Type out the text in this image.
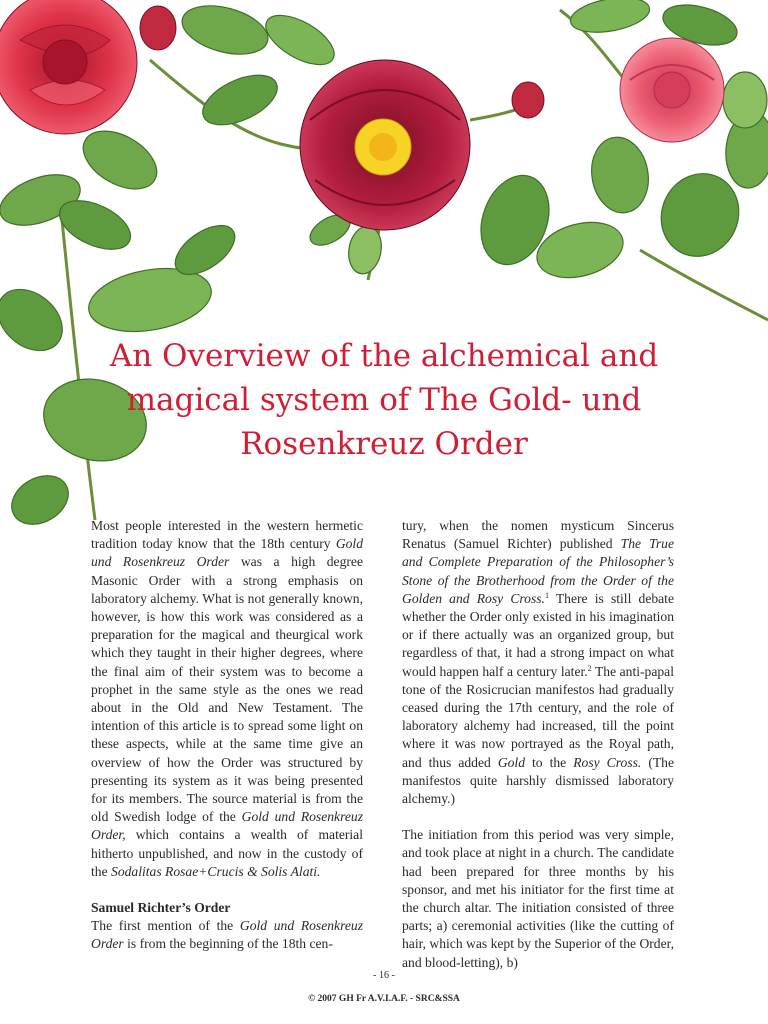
An Overview of the alchemical and
magical system of The Gold- und
Rosenkreuz Order

Most people interested in the western hermetic tradition today know that the 18th century Gold und Rosenkreuz Order was a high degree Masonic Order with a strong emphasis on laboratory alchemy. What is not generally known, however, is how this work was considered as a preparation for the magical and theurgical work which they taught in their higher degrees, where the final aim of their system was to become a prophet in the same style as the ones we read about in the Old and New Testament. The intention of this article is to spread some light on these aspects, while at the same time give an overview of how the Order was structured by presenting its system as it was being presented for its members. The source material is from the old Swedish lodge of the Gold und Rosenkreuz Order, which contains a wealth of material hitherto unpublished, and now in the custody of the Sodalitas Rosae+Crucis & Solis Alati.

Samuel Richter’s Order

The first mention of the Gold und Rosenkreuz Order is from the beginning of the 18th cen-

tury, when the nomen mysticum Sincerus Renatus (Samuel Richter) published The True and Complete Preparation of the Philosopher’s Stone of the Brotherhood from the Order of the Golden and Rosy Cross.$^1$ There is still debate whether the Order only existed in his imagination or if there actually was an organized group, but regardless of that, it had a strong impact on what would happen half a century later.$^2$ The anti-papal tone of the Rosicrucian manifestos had gradually ceased during the 17th century, and the role of laboratory alchemy had increased, till the point where it was now portrayed as the Royal path, and thus added Gold to the Rosy Cross. (The manifestos quite harshly dismissed laboratory alchemy.)

The initiation from this period was very simple, and took place at night in a church. The candidate had been prepared for three months by his sponsor, and met his initiator for the first time at the church altar. The initiation consisted of three parts; a) ceremonial activities (like the cutting of hair, which was kept by the Superior of the Order, and blood-letting), b)

- 16 -
© 2007 GH Fr A.V.I.A.F. - SRC&SSA
